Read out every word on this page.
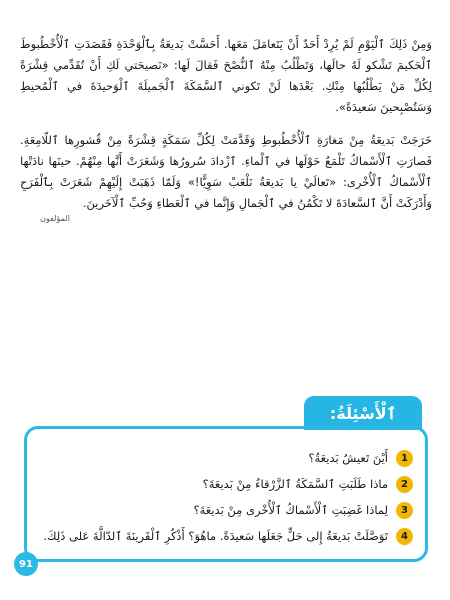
وَمِنْ ذَلِكَ ٱلْيَوْمِ لَمْ يُرِدْ أَحَدٌ أَنْ يَتَعامَلَ مَعَها. أَحَسَّتْ بَديعَةُ بِٱلْوَحْدَةِ فَقَصَدَتِ ٱلْأُخْطُبوطَ ٱلْحَكيمَ تَشْكو لَهُ حالَها، وَتَطْلُبُ مِنْهُ ٱلنُّصْحَ فَقالَ لَها: «نَصيحَتي لَكِ أَنْ تُقَدِّمي قِشْرَةً لِكُلِّ مَنْ يَطْلُبُها مِنْكِ. بَعْدَها لَنْ تَكوني ٱلسَّمَكَةَ ٱلْجَميلَةَ ٱلْوَحيدَةَ في ٱلْمُحيطِ وَسَتُصْبِحينَ سَعيدَةً».

خَرَجَتْ بَديعَةُ مِنْ مَغارَةِ ٱلْأُخْطُبوطِ وَقَدَّمَتْ لِكُلِّ سَمَكَةٍ قِشْرَةً مِنْ قُشورِها ٱللّامِعَةِ. فَصارَتِ ٱلْأَسْماكُ تَلْمَعُ حَوْلَها في ٱلْماءِ. ٱزْدادَ سُرورُها وَشَعَرَتْ أَنَّها مِنْهُمْ. حينَها نادَتْها ٱلْأَسْماكُ ٱلْأُخْرى: «تَعالَيْ يا بَديعَةُ نَلْعَبْ سَوِيًّا!» وَلَمّا ذَهَبَتْ إِلَيْهِمْ شَعَرَتْ بِٱلْفَرَحِ وَأَدْرَكَتْ أَنَّ ٱلسَّعادَةَ لا تَكْمُنُ في ٱلْجَمالِ وَإِنَّما في ٱلْعَطاءِ وَحُبِّ ٱلْآخَرينَ.

المؤلفون
ٱلْأَسْئِلَةُ:
1
أَيْنَ تَعيشُ بَديعَةُ؟
2
ماذا طَلَبَتِ ٱلسَّمَكَةُ ٱلزَّرْقاءُ مِنْ بَديعَةَ؟
3
لِماذا غَضِبَتِ ٱلْأَسْماكُ ٱلْأُخْرى مِنْ بَديعَةَ؟
4
تَوَصَّلَتْ بَديعَةُ إِلى حَلٍّ جَعَلَها سَعيدَةً. ماهُوَ؟ أَذْكُرِ ٱلْقَرينَةَ ٱلدّالَّةَ عَلى ذَلِكَ.
91
